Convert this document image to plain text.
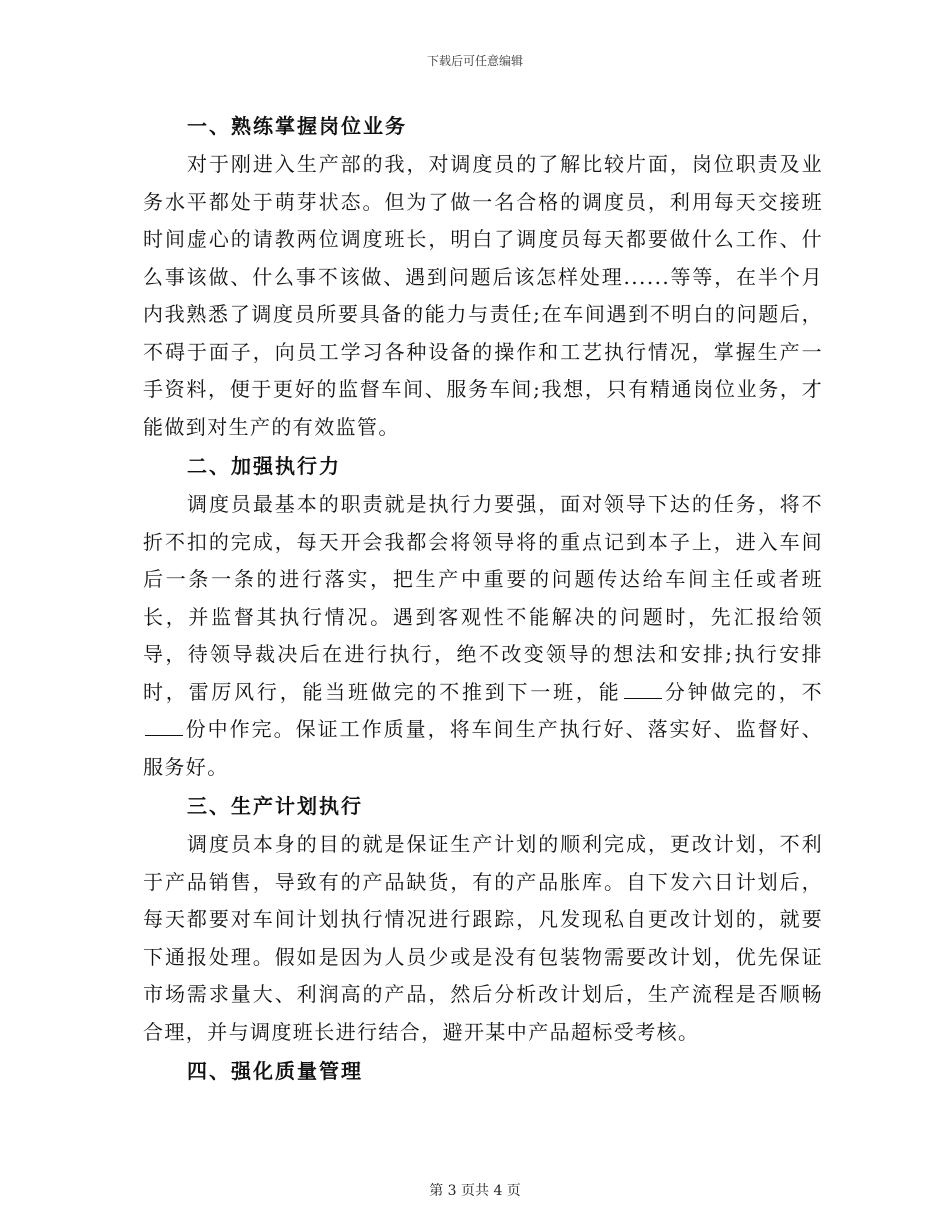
下载后可任意编辑
一、熟练掌握岗位业务

对于刚进入生产部的我，对调度员的了解比较片面，岗位职责及业务水平都处于萌芽状态。但为了做一名合格的调度员，利用每天交接班时间虚心的请教两位调度班长，明白了调度员每天都要做什么工作、什么事该做、什么事不该做、遇到问题后该怎样处理......等等，在半个月内我熟悉了调度员所要具备的能力与责任;在车间遇到不明白的问题后，不碍于面子，向员工学习各种设备的操作和工艺执行情况，掌握生产一手资料，便于更好的监督车间、服务车间;我想，只有精通岗位业务，才能做到对生产的有效监管。

二、加强执行力

调度员最基本的职责就是执行力要强，面对领导下达的任务，将不折不扣的完成，每天开会我都会将领导将的重点记到本子上，进入车间后一条一条的进行落实，把生产中重要的问题传达给车间主任或者班长，并监督其执行情况。遇到客观性不能解决的问题时，先汇报给领导，待领导裁决后在进行执行，绝不改变领导的想法和安排;执行安排时，雷厉风行，能当班做完的不推到下一班，能 分钟做完的，不份中作完。保证工作质量，将车间生产执行好、落实好、监督好、服务好。

三、生产计划执行

调度员本身的目的就是保证生产计划的顺利完成，更改计划，不利于产品销售，导致有的产品缺货，有的产品胀库。自下发六日计划后，每天都要对车间计划执行情况进行跟踪，凡发现私自更改计划的，就要下通报处理。假如是因为人员少或是没有包装物需要改计划，优先保证市场需求量大、利润高的产品，然后分析改计划后，生产流程是否顺畅合理，并与调度班长进行结合，避开某中产品超标受考核。

四、强化质量管理
第 3 页共 4 页
